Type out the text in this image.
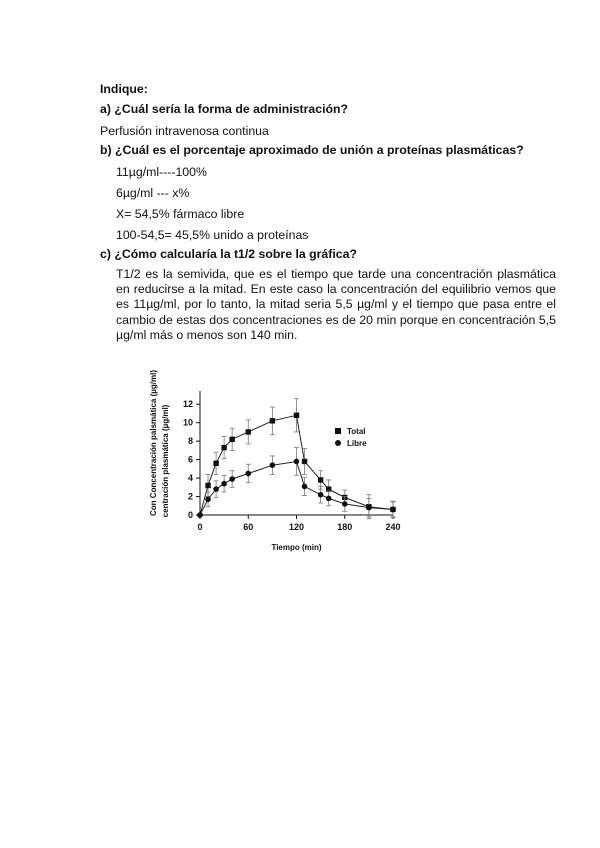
Indique:
a) ¿Cuál sería la forma de administración?
Perfusión intravenosa continua
b) ¿Cuál es el porcentaje aproximado de unión a proteínas plasmáticas?
11µg/ml----100%
6µg/ml --- x%
X= 54,5% fármaco libre
100-54,5= 45,5% unido a proteínas
c) ¿Cómo calcularía la t1/2 sobre la gráfica?
T1/2 es la semivida, que es el tiempo que tarde una concentración plasmática en reducirse a la mitad. En este caso la concentración del equilibrio vemos que es 11µg/ml, por lo tanto, la mitad seria 5,5 µg/ml y el tiempo que pasa entre el cambio de estas dos concentraciones es de 20 min porque en concentración 5,5 µg/ml más o menos son 140 min.
0
2
4
6
8
10
12
0	60	120	180	240
Tiempo (min)
Con Concentración palsmática (µg/ml) centración plasmática (µg/ml)	Total
Libre
